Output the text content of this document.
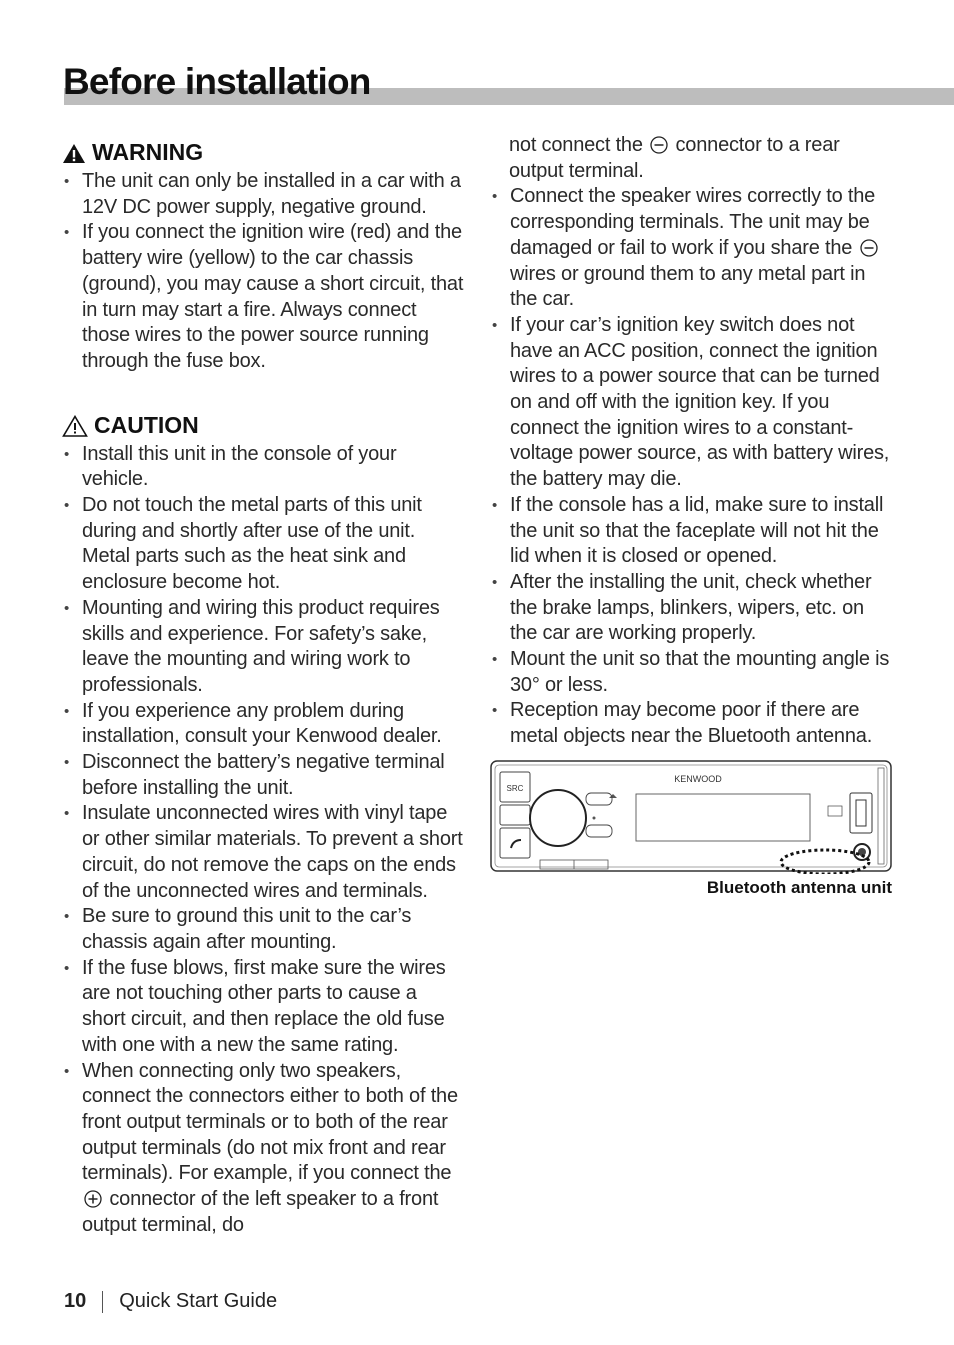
Before installation
WARNING
• The unit can only be installed in a car with a 12V DC power supply, negative ground.
• If you connect the ignition wire (red) and the battery wire (yellow) to the car chassis (ground), you may cause a short circuit, that in turn may start a fire. Always connect those wires to the power source running through the fuse box.
CAUTION
• Install this unit in the console of your vehicle.
• Do not touch the metal parts of this unit during and shortly after use of the unit. Metal parts such as the heat sink and enclosure become hot.
• Mounting and wiring this product requires skills and experience. For safety’s sake, leave the mounting and wiring work to professionals.
• If you experience any problem during installation, consult your Kenwood dealer.
• Disconnect the battery’s negative terminal before installing the unit.
• Insulate unconnected wires with vinyl tape or other similar materials. To prevent a short circuit, do not remove the caps on the ends of the unconnected wires and terminals.
• Be sure to ground this unit to the car’s chassis again after mounting.
• If the fuse blows, first make sure the wires are not touching other parts to cause a short circuit, and then replace the old fuse with one with a new the same rating.
• When connecting only two speakers, connect the connectors either to both of the front output terminals or to both of the rear output terminals (do not mix front and rear terminals). For example, if you connect the  connector of the left speaker to a front output terminal, do
not connect the connector to a rear output terminal.
• Connect the speaker wires correctly to the corresponding terminals. The unit may be damaged or fail to work if you share the  wires or ground them to any metal part in the car.
• If your car’s ignition key switch does not have an ACC position, connect the ignition wires to a power source that can be turned on and off with the ignition key. If you connect the ignition wires to a constant-voltage power source, as with battery wires, the battery may die.
• If the console has a lid, make sure to install the unit so that the faceplate will not hit the lid when it is closed or opened.
• After the installing the unit, check whether the brake lamps, blinkers, wipers, etc. on the car are working properly.
• Mount the unit so that the mounting angle is 30° or less.
• Reception may become poor if there are metal objects near the Bluetooth antenna.
SRC
KENWOOD
Bluetooth antenna unit
10 Quick Start Guide
